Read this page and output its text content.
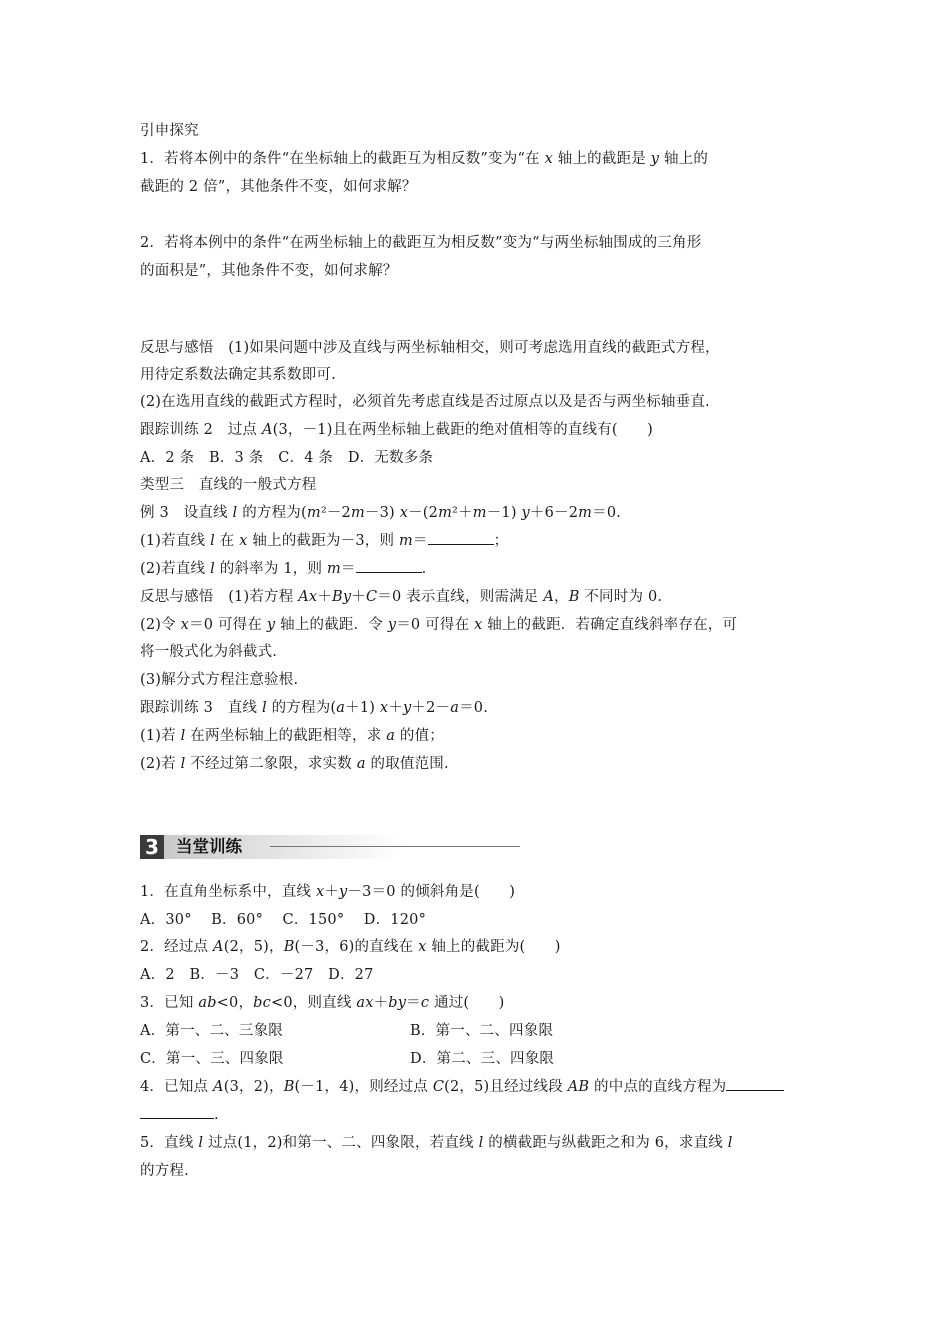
引申探究
1．若将本例中的条件“在坐标轴上的截距互为相反数”变为“在 x 轴上的截距是 y 轴上的
截距的 2 倍”，其他条件不变，如何求解？
2．若将本例中的条件“在两坐标轴上的截距互为相反数”变为“与两坐标轴围成的三角形
的面积是”，其他条件不变，如何求解？
反思与感悟　(1)如果问题中涉及直线与两坐标轴相交，则可考虑选用直线的截距式方程，
用待定系数法确定其系数即可.
(2)在选用直线的截距式方程时，必须首先考虑直线是否过原点以及是否与两坐标轴垂直.
跟踪训练 2　过点 A(3，－1)且在两坐标轴上截距的绝对值相等的直线有(　　)
A．2 条　B．3 条　C．4 条　D．无数多条
类型三　直线的一般式方程
例 3　设直线 l 的方程为(m²－2m－3) x－(2m²＋m－1) y＋6－2m＝0.
(1)若直线 l 在 x 轴上的截距为－3，则 m＝	；
(2)若直线 l 的斜率为 1，则 m＝	.
反思与感悟　(1)若方程 Ax＋By＋C＝0 表示直线，则需满足 A，B 不同时为 0.
(2)令 x＝0 可得在 y 轴上的截距．令 y＝0 可得在 x 轴上的截距．若确定直线斜率存在，可
将一般式化为斜截式.
(3)解分式方程注意验根.
跟踪训练 3　直线 l 的方程为(a＋1) x＋y＋2－a＝0.
(1)若 l 在两坐标轴上的截距相等，求 a 的值；
(2)若 l 不经过第二象限，求实数 a 的取值范围.
3	当堂训练
1．在直角坐标系中，直线 x＋y－3＝0 的倾斜角是(　　)
A．30°　 B．60°　 C．150°　 D．120°
2．经过点 A(2，5)，B(－3，6)的直线在 x 轴上的截距为(　　)
A．2　B．－3　C．－27　D．27
3．已知 ab<0，bc<0，则直线 ax＋by＝c 通过(　　)
A．第一、二、三象限	B．第一、二、四象限
C．第一、三、四象限	D．第二、三、四象限
4．已知点 A(3，2)，B(－1，4)，则经过点 C(2，5)且经过线段 AB 的中点的直线方程为
.
5．直线 l 过点(1，2)和第一、二、四象限，若直线 l 的横截距与纵截距之和为 6，求直线 l
的方程.
